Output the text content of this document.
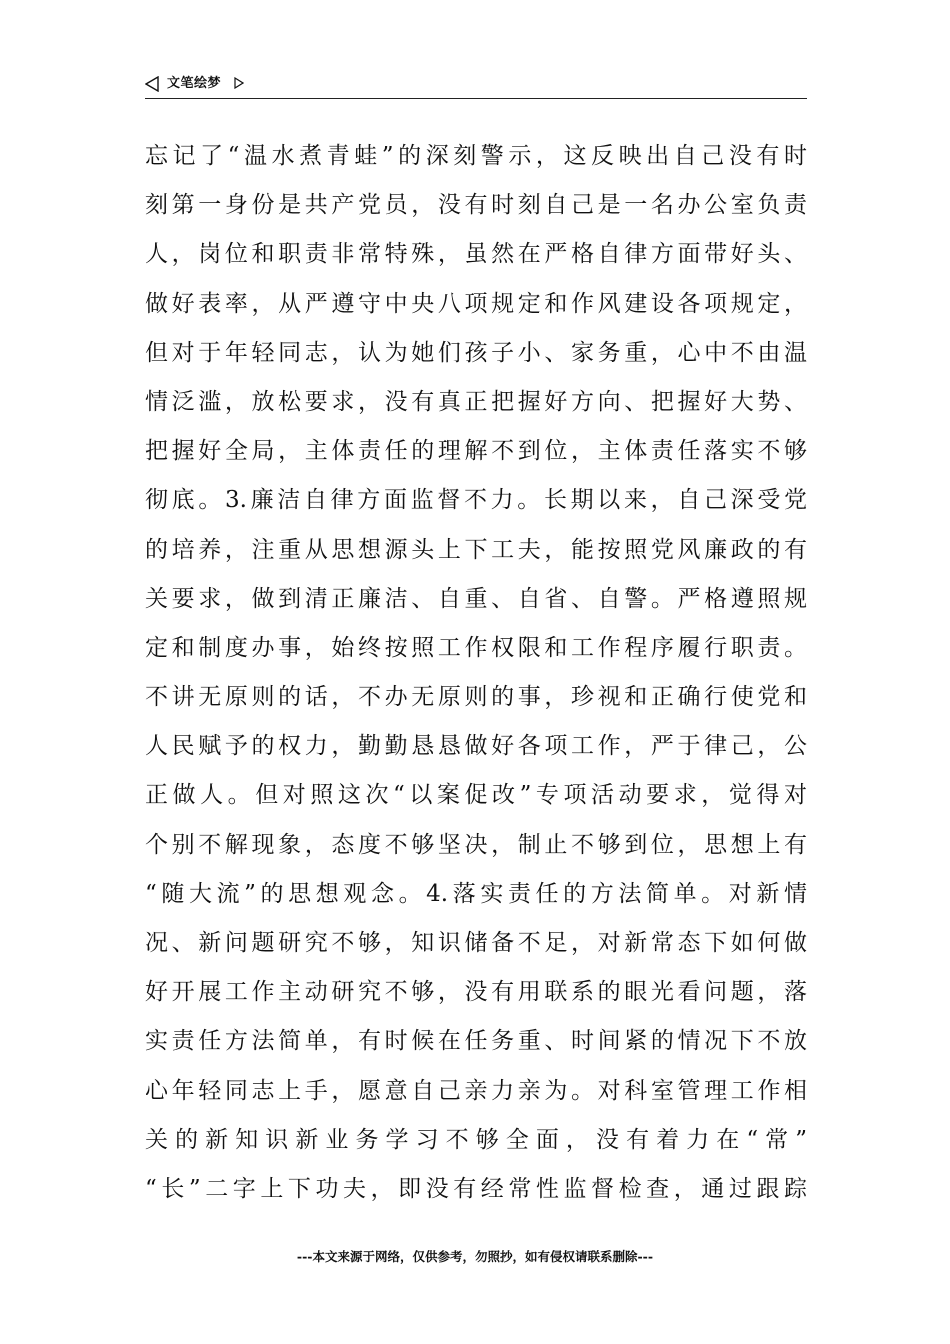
文笔绘梦
忘记了“温水煮青蛙”的深刻警示，这反映出自己没有时
刻第一身份是共产党员，没有时刻自己是一名办公室负责
人，岗位和职责非常特殊，虽然在严格自律方面带好头、
做好表率，从严遵守中央八项规定和作风建设各项规定，
但对于年轻同志，认为她们孩子小、家务重，心中不由温
情泛滥，放松要求，没有真正把握好方向、把握好大势、
把握好全局，主体责任的理解不到位，主体责任落实不够
彻底。3.廉洁自律方面监督不力。长期以来，自己深受党
的培养，注重从思想源头上下工夫，能按照党风廉政的有
关要求，做到清正廉洁、自重、自省、自警。严格遵照规
定和制度办事，始终按照工作权限和工作程序履行职责。
不讲无原则的话，不办无原则的事，珍视和正确行使党和
人民赋予的权力，勤勤恳恳做好各项工作，严于律己，公
正做人。但对照这次“以案促改”专项活动要求，觉得对
个别不解现象，态度不够坚决，制止不够到位，思想上有
“随大流”的思想观念。4.落实责任的方法简单。对新情
况、新问题研究不够，知识储备不足，对新常态下如何做
好开展工作主动研究不够，没有用联系的眼光看问题，落
实责任方法简单，有时候在任务重、时间紧的情况下不放
心年轻同志上手，愿意自己亲力亲为。对科室管理工作相
关的新知识新业务学习不够全面，没有着力在“常”
“长”二字上下功夫，即没有经常性监督检查，通过跟踪
---本文来源于网络，仅供参考，勿照抄，如有侵权请联系删除---
